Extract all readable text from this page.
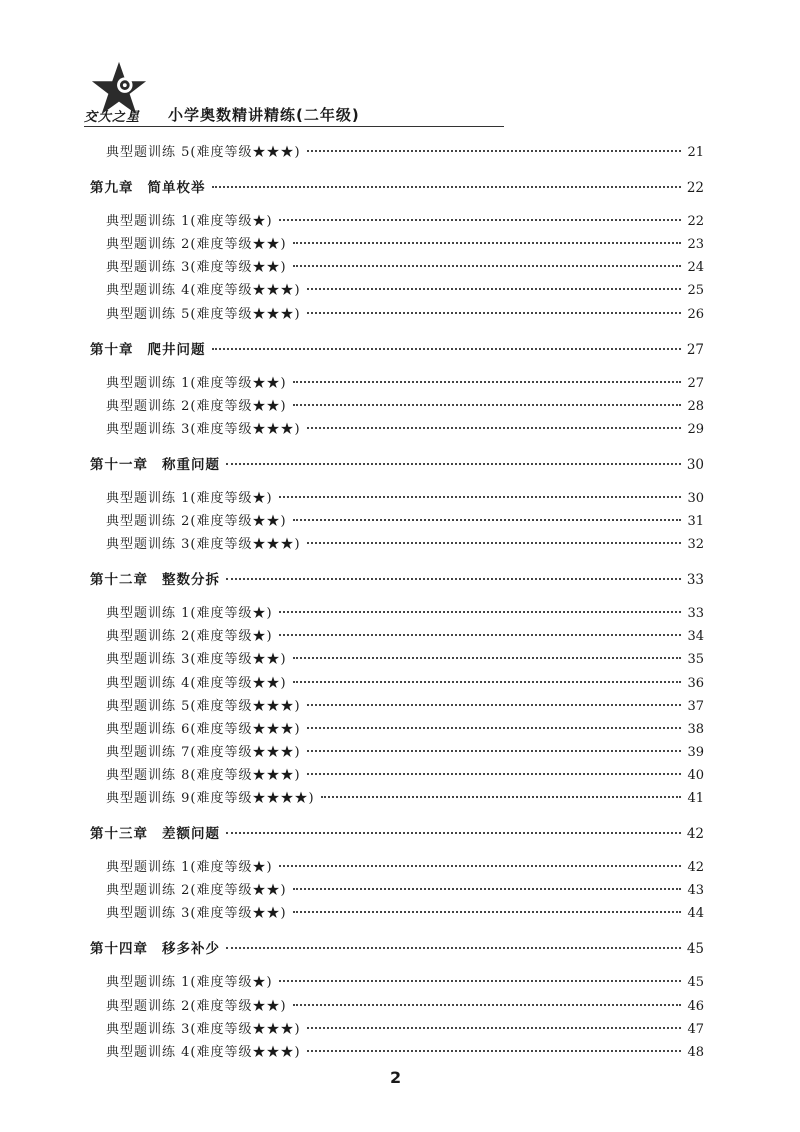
交大之星 小学奥数精讲精练(二年级)
典型题训练 5(难度等级★★★)	21
第九章 简单枚举	22
典型题训练 1(难度等级★)	22
典型题训练 2(难度等级★★)	23
典型题训练 3(难度等级★★)	24
典型题训练 4(难度等级★★★)	25
典型题训练 5(难度等级★★★)	26
第十章 爬井问题	27
典型题训练 1(难度等级★★)	27
典型题训练 2(难度等级★★)	28
典型题训练 3(难度等级★★★)	29
第十一章 称重问题	30
典型题训练 1(难度等级★)	30
典型题训练 2(难度等级★★)	31
典型题训练 3(难度等级★★★)	32
第十二章 整数分拆	33
典型题训练 1(难度等级★)	33
典型题训练 2(难度等级★)	34
典型题训练 3(难度等级★★)	35
典型题训练 4(难度等级★★)	36
典型题训练 5(难度等级★★★)	37
典型题训练 6(难度等级★★★)	38
典型题训练 7(难度等级★★★)	39
典型题训练 8(难度等级★★★)	40
典型题训练 9(难度等级★★★★)	41
第十三章 差额问题	42
典型题训练 1(难度等级★)	42
典型题训练 2(难度等级★★)	43
典型题训练 3(难度等级★★)	44
第十四章 移多补少	45
典型题训练 1(难度等级★)	45
典型题训练 2(难度等级★★)	46
典型题训练 3(难度等级★★★)	47
典型题训练 4(难度等级★★★)	48
2
